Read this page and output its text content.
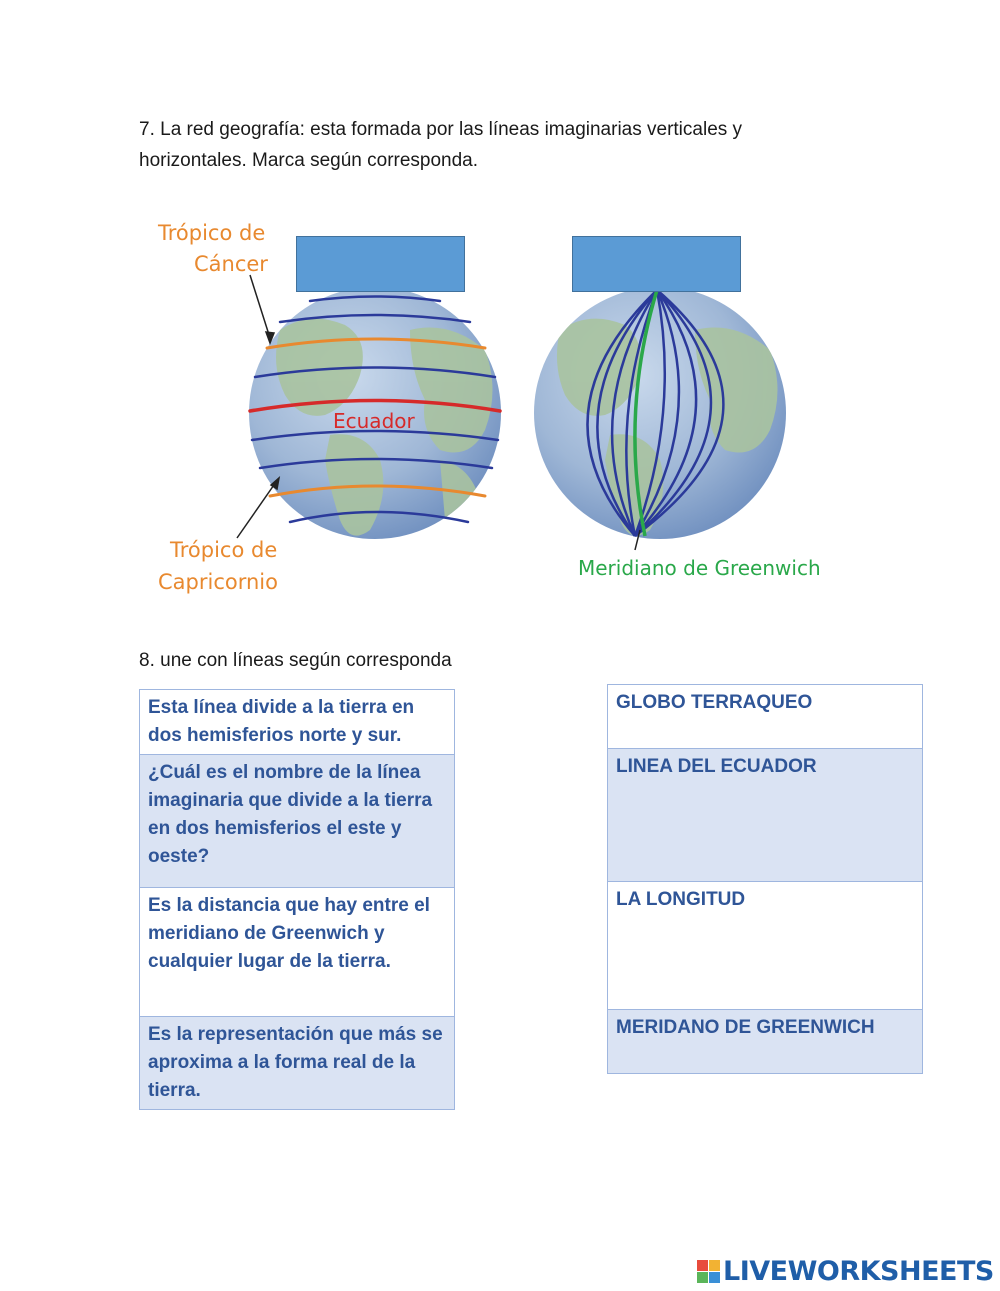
7. La red geografía: esta formada por las líneas imaginarias verticales y horizontales. Marca según corresponda.
Trópico de
Cáncer
Ecuador
Trópico de
Capricornio
Meridiano de Greenwich
8. une con líneas según corresponda
Esta línea divide a la tierra en dos hemisferios norte y sur.
¿Cuál es el nombre de la línea imaginaria que divide a la tierra en dos hemisferios el este y oeste?
Es la distancia que hay entre el meridiano de Greenwich y cualquier lugar de la tierra.
Es la representación que más se aproxima a la forma real de la tierra.
GLOBO TERRAQUEO
LINEA DEL ECUADOR
LA LONGITUD
MERIDANO DE GREENWICH
LIVEWORKSHEETS
